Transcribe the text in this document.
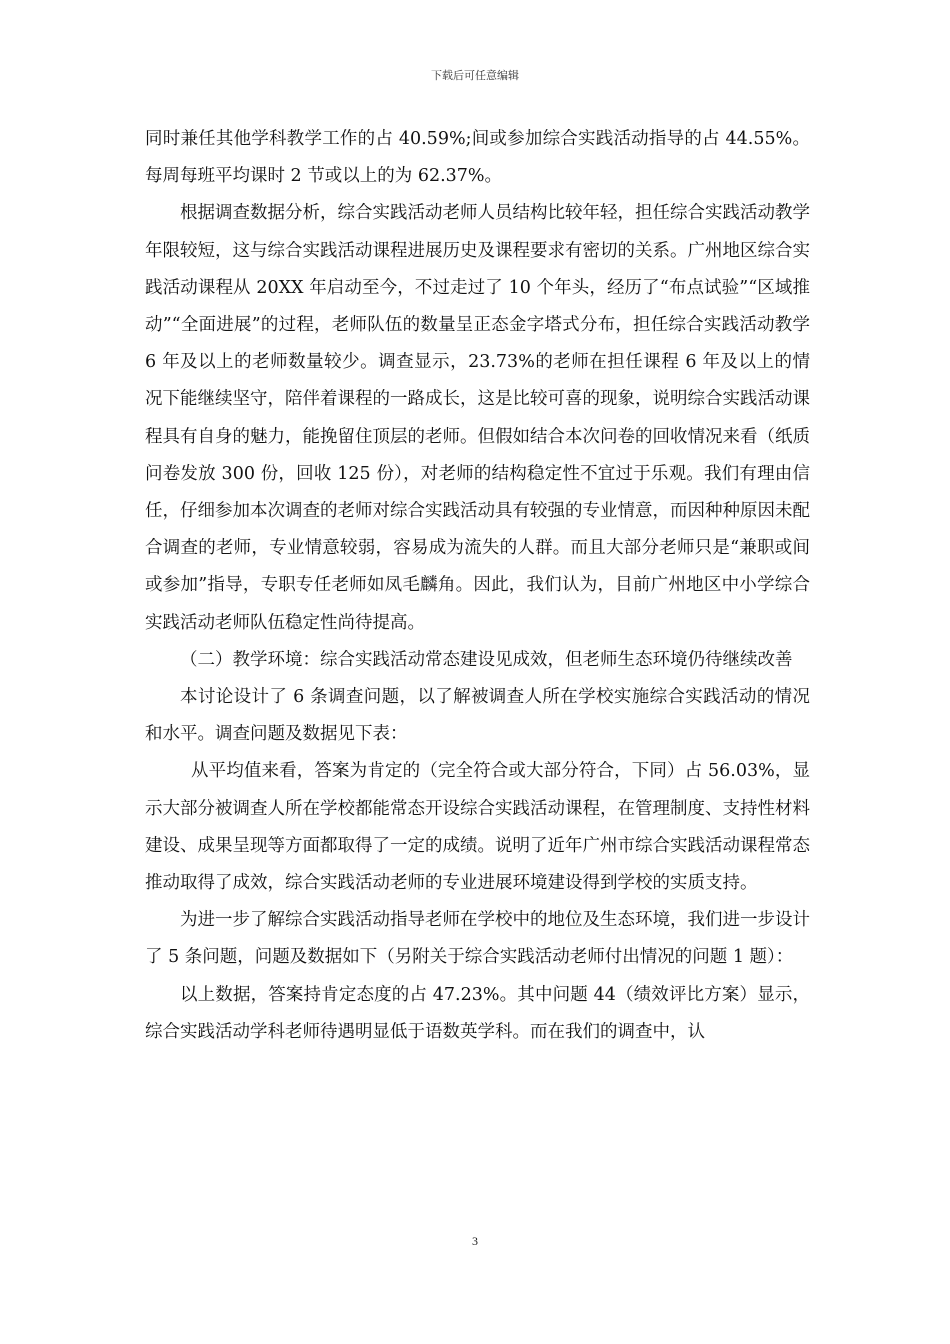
下载后可任意编辑

同时兼任其他学科教学工作的占 40.59%;间或参加综合实践活动指导的占 44.55%。每周每班平均课时 2 节或以上的为 62.37%。

根据调查数据分析，综合实践活动老师人员结构比较年轻，担任综合实践活动教学年限较短，这与综合实践活动课程进展历史及课程要求有密切的关系。广州地区综合实践活动课程从 20XX 年启动至今，不过走过了 10 个年头，经历了“布点试验”“区域推动”“全面进展”的过程，老师队伍的数量呈正态金字塔式分布，担任综合实践活动教学 6 年及以上的老师数量较少。调查显示，23.73%的老师在担任课程 6 年及以上的情况下能继续坚守，陪伴着课程的一路成长，这是比较可喜的现象，说明综合实践活动课程具有自身的魅力，能挽留住顶层的老师。但假如结合本次问卷的回收情况来看（纸质问卷发放 300 份，回收 125 份），对老师的结构稳定性不宜过于乐观。我们有理由信任，仔细参加本次调查的老师对综合实践活动具有较强的专业情意，而因种种原因未配合调查的老师，专业情意较弱，容易成为流失的人群。而且大部分老师只是“兼职或间或参加”指导，专职专任老师如凤毛麟角。因此，我们认为，目前广州地区中小学综合实践活动老师队伍稳定性尚待提高。

（二）教学环境：综合实践活动常态建设见成效，但老师生态环境仍待继续改善

本讨论设计了 6 条调查问题，以了解被调查人所在学校实施综合实践活动的情况和水平。调查问题及数据见下表：

从平均值来看，答案为肯定的（完全符合或大部分符合，下同）占 56.03%，显示大部分被调查人所在学校都能常态开设综合实践活动课程，在管理制度、支持性材料建设、成果呈现等方面都取得了一定的成绩。说明了近年广州市综合实践活动课程常态推动取得了成效，综合实践活动老师的专业进展环境建设得到学校的实质支持。

为进一步了解综合实践活动指导老师在学校中的地位及生态环境，我们进一步设计了 5 条问题，问题及数据如下（另附关于综合实践活动老师付出情况的问题 1 题）：

以上数据，答案持肯定态度的占 47.23%。其中问题 44（绩效评比方案）显示，综合实践活动学科老师待遇明显低于语数英学科。而在我们的调查中，认

3
